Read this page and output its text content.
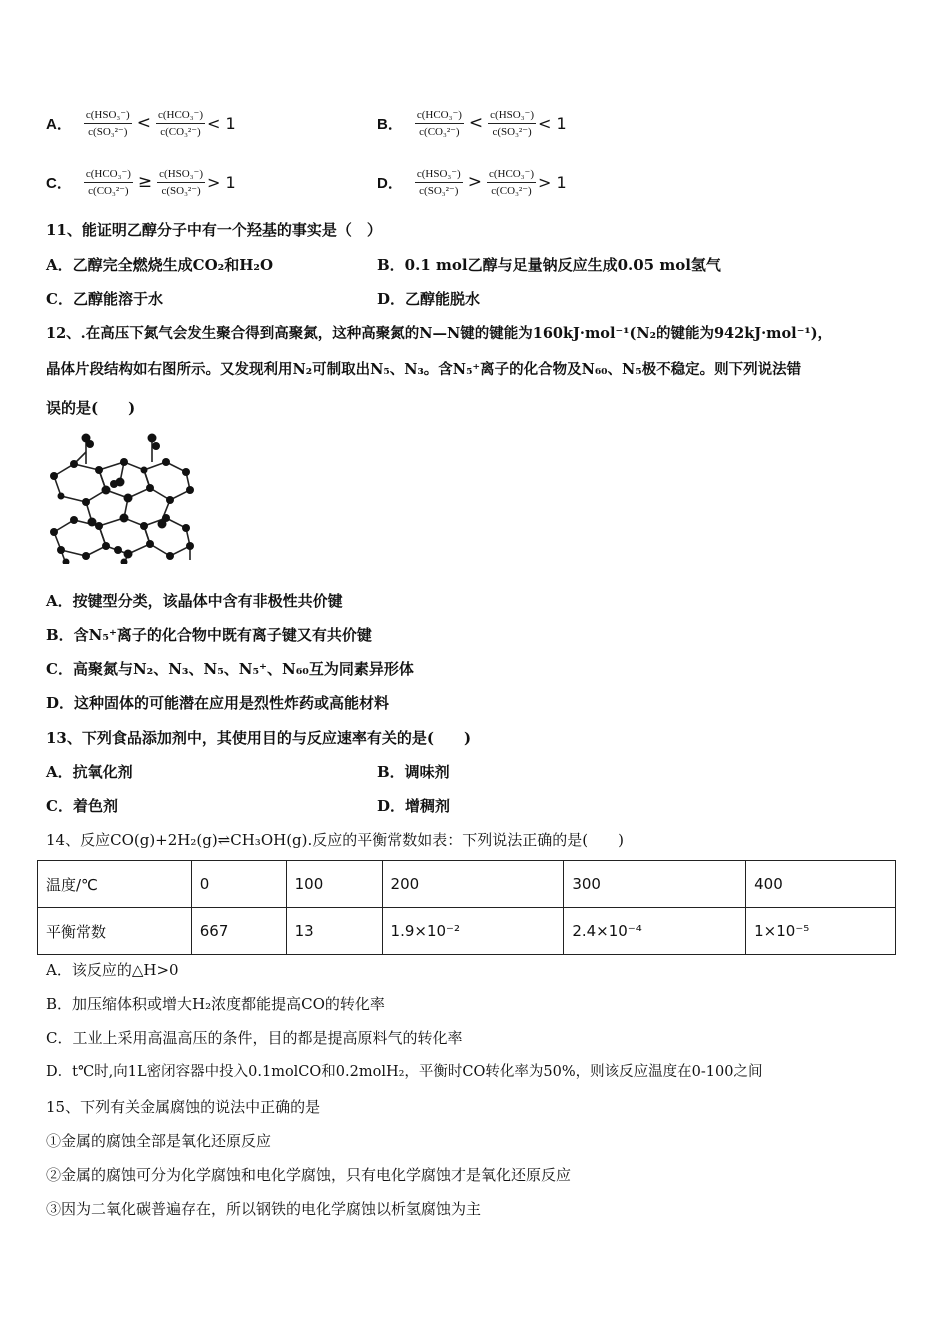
A． $\frac{\text{c(HSO₃⁻)}}{\text{c(SO₃²⁻)}} < \frac{\text{c(HCO₃⁻)}}{\text{c(CO₃²⁻)}} < 1$	B． $\frac{\text{c(HCO₃⁻)}}{\text{c(CO₃²⁻)}} < \frac{\text{c(HSO₃⁻)}}{\text{c(SO₃²⁻)}} < 1$
C． $\frac{\text{c(HCO₃⁻)}}{\text{c(CO₃²⁻)}} \ge \frac{\text{c(HSO₃⁻)}}{\text{c(SO₃²⁻)}} > 1$	D． $\frac{\text{c(HSO₃⁻)}}{\text{c(SO₃²⁻)}} > \frac{\text{c(HCO₃⁻)}}{\text{c(CO₃²⁻)}} > 1$
11、能证明乙醇分子中有一个羟基的事实是（　）
A．乙醇完全燃烧生成CO₂和H₂O	B．0.1 mol乙醇与足量钠反应生成0.05 mol氢气
C．乙醇能溶于水	D．乙醇能脱水
12、.在高压下氮气会发生聚合得到高聚氮，这种高聚氮的N—N键的键能为160kJ·mol⁻¹(N₂的键能为942kJ·mol⁻¹)，
晶体片段结构如右图所示。又发现利用N₂可制取出N₅、N₃。含N₅⁺离子的化合物及N₆₀、N₅极不稳定。则下列说法错
误的是(　　)
A．按键型分类，该晶体中含有非极性共价键
B．含N₅⁺离子的化合物中既有离子键又有共价键
C．高聚氮与N₂、N₃、N₅、N₅⁺、N₆₀互为同素异形体
D．这种固体的可能潜在应用是烈性炸药或高能材料
13、下列食品添加剂中，其使用目的与反应速率有关的是(　　)
A．抗氧化剂	B．调味剂
C．着色剂	D．增稠剂
14、反应CO(g)+2H₂(g)⇌CH₃OH(g).反应的平衡常数如表：下列说法正确的是(　　)
温度/℃	0	100	200	300	400
平衡常数	667	13	1.9×10⁻²	2.4×10⁻⁴	1×10⁻⁵
A．该反应的△H>0
B．加压缩体积或增大H₂浓度都能提高CO的转化率
C．工业上采用高温高压的条件，目的都是提高原料气的转化率
D．t℃时,向1L密闭容器中投入0.1molCO和0.2molH₂，平衡时CO转化率为50%，则该反应温度在0-100之间
15、下列有关金属腐蚀的说法中正确的是
①金属的腐蚀全部是氧化还原反应
②金属的腐蚀可分为化学腐蚀和电化学腐蚀，只有电化学腐蚀才是氧化还原反应
③因为二氧化碳普遍存在，所以钢铁的电化学腐蚀以析氢腐蚀为主
